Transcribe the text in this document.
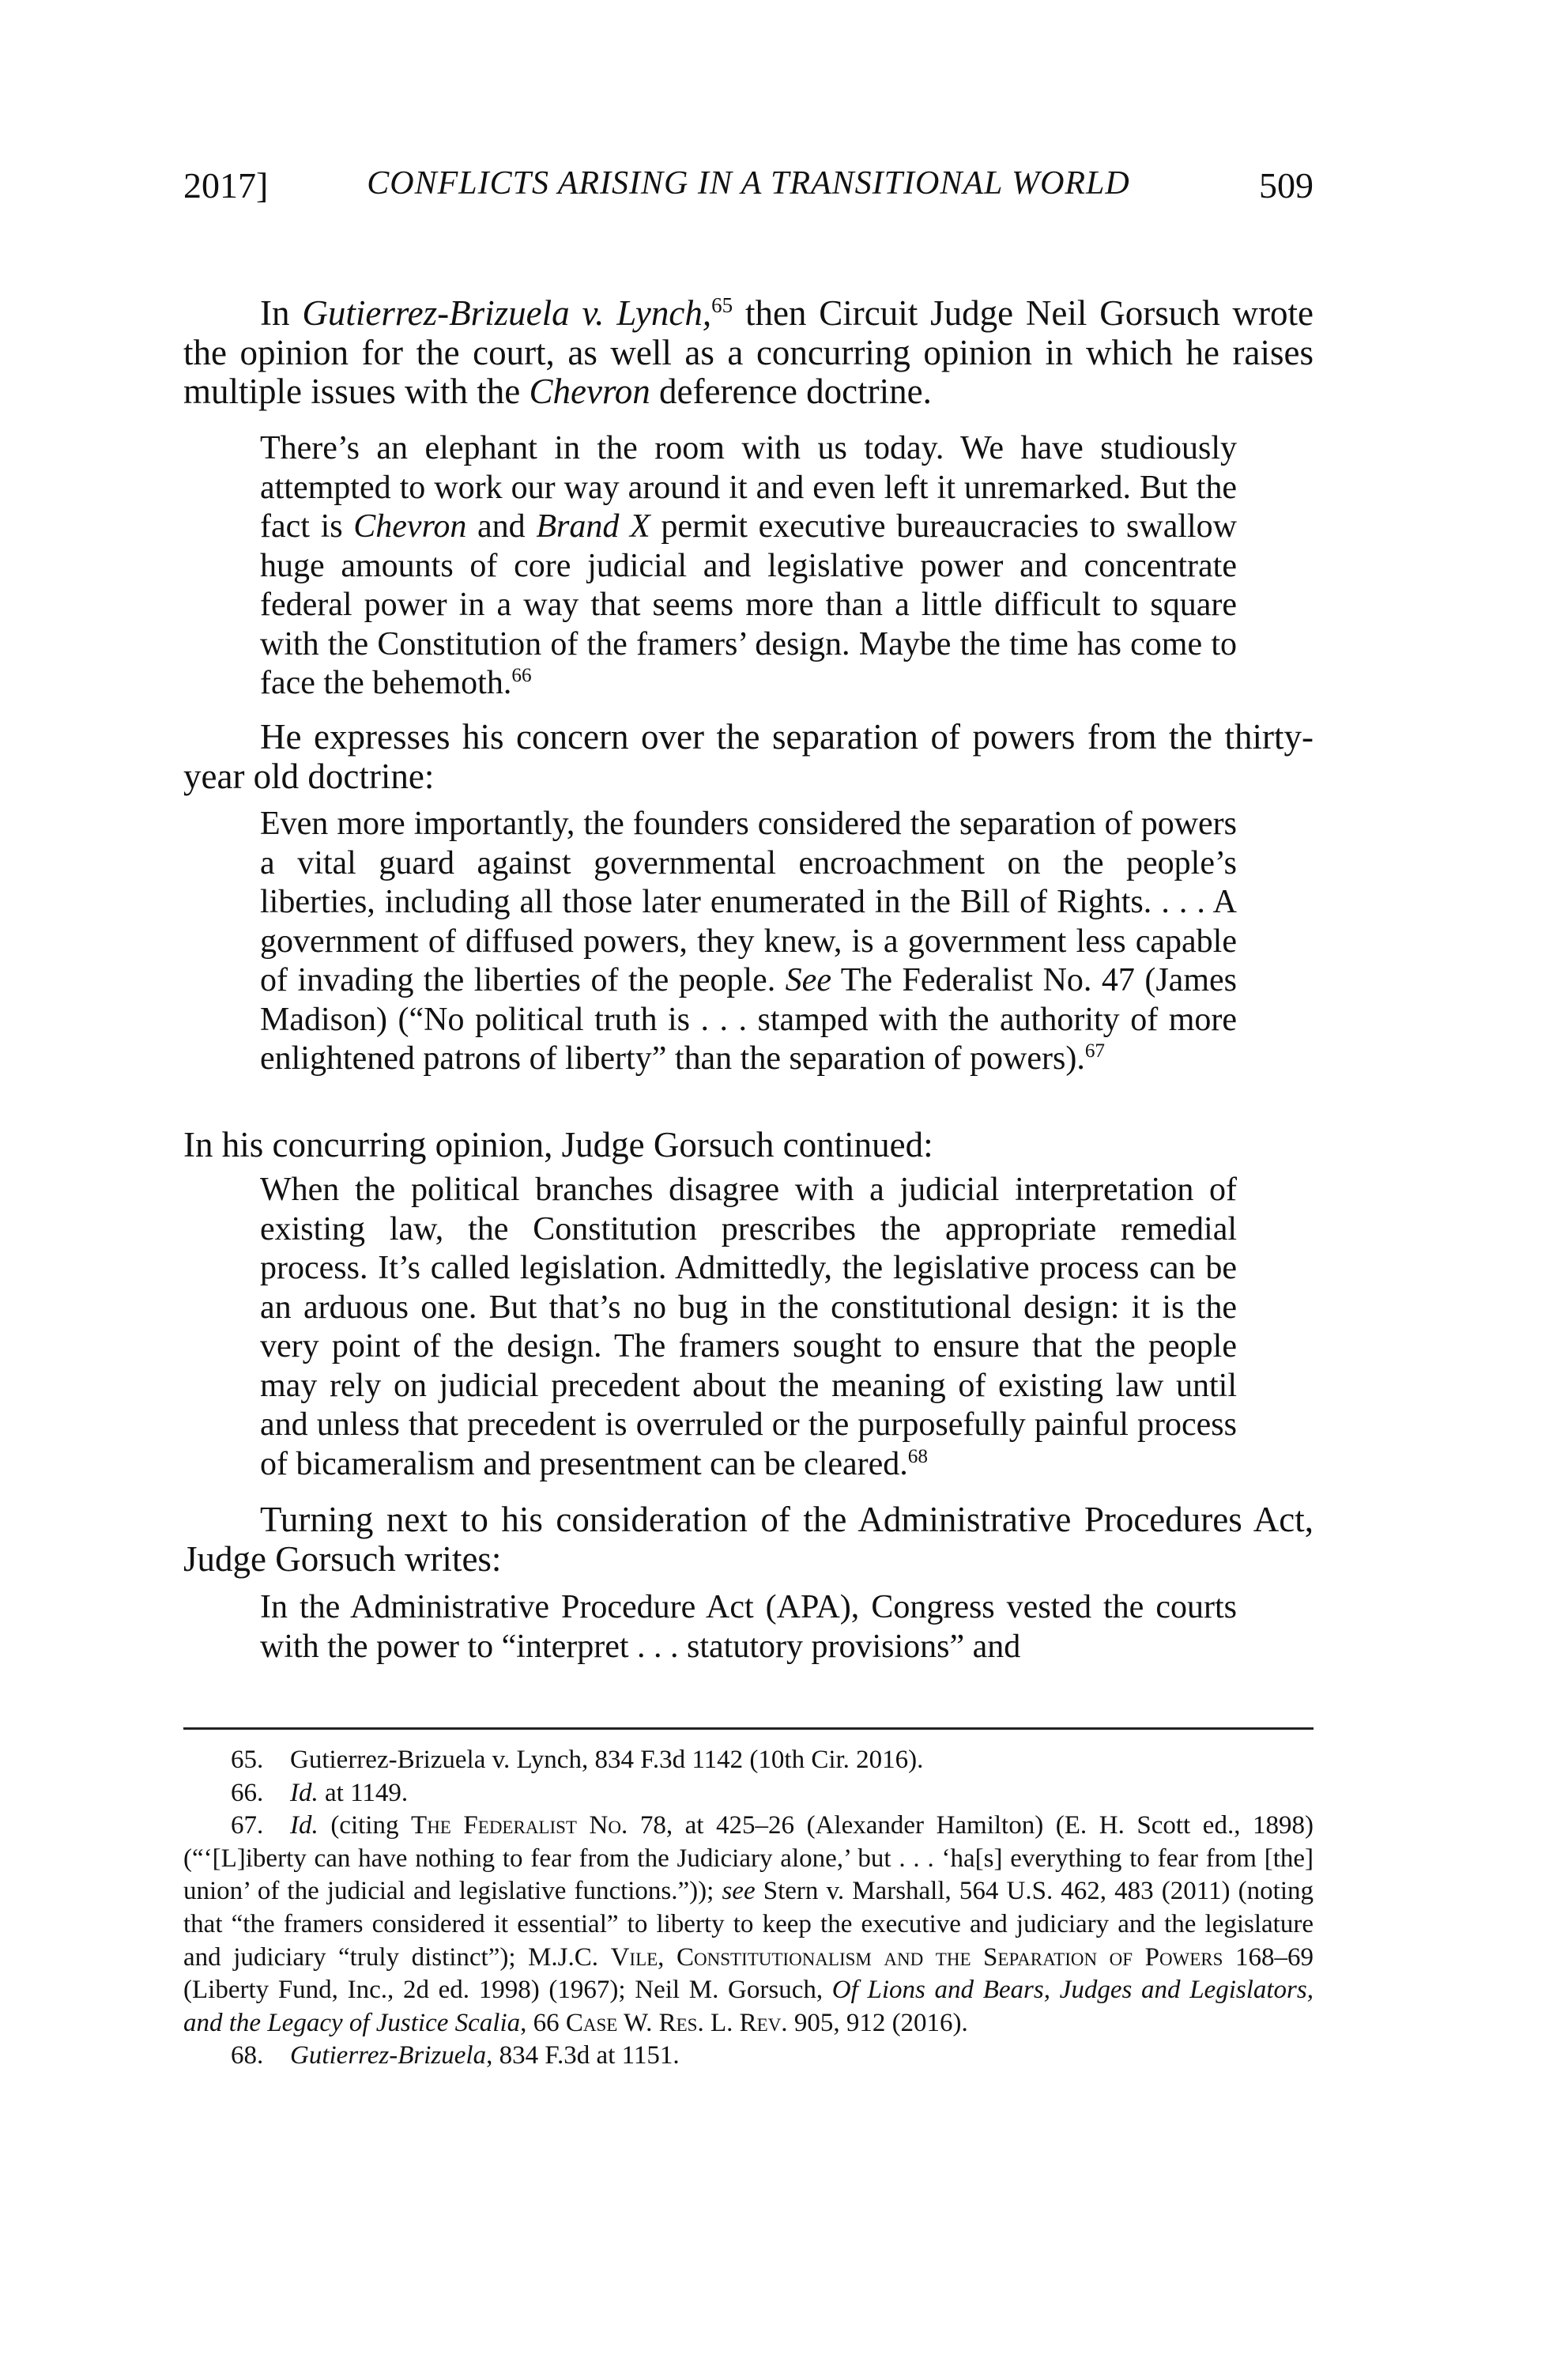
2017]	CONFLICTS ARISING IN A TRANSITIONAL WORLD	509

In Gutierrez-Brizuela v. Lynch,$^{65}$ then Circuit Judge Neil Gorsuch wrote the opinion for the court, as well as a concurring opinion in which he raises multiple issues with the Chevron deference doctrine.

There’s an elephant in the room with us today. We have studiously attempted to work our way around it and even left it unremarked. But the fact is Chevron and Brand X permit executive bureaucracies to swallow huge amounts of core judicial and legislative power and concentrate federal power in a way that seems more than a little difficult to square with the Constitution of the framers’ design. Maybe the time has come to face the behemoth.$^{66}$

He expresses his concern over the separation of powers from the thirty-year old doctrine:

Even more importantly, the founders considered the separation of powers a vital guard against governmental encroachment on the people’s liberties, including all those later enumerated in the Bill of Rights. . . . A government of diffused powers, they knew, is a government less capable of invading the liberties of the people. See The Federalist No. 47 (James Madison) (“No political truth is . . . stamped with the authority of more enlightened patrons of liberty” than the separation of powers).$^{67}$

In his concurring opinion, Judge Gorsuch continued:

When the political branches disagree with a judicial interpretation of existing law, the Constitution prescribes the appropriate remedial process. It’s called legislation. Admittedly, the legislative process can be an arduous one. But that’s no bug in the constitutional design: it is the very point of the design. The framers sought to ensure that the people may rely on judicial precedent about the meaning of existing law until and unless that precedent is overruled or the purposefully painful process of bicameralism and presentment can be cleared.$^{68}$

Turning next to his consideration of the Administrative Procedures Act, Judge Gorsuch writes:

In the Administrative Procedure Act (APA), Congress vested the courts with the power to “interpret . . . statutory provisions” and

65. Gutierrez-Brizuela v. Lynch, 834 F.3d 1142 (10th Cir. 2016).

66. Id. at 1149.

67. Id. (citing The Federalist No. 78, at 425–26 (Alexander Hamilton) (E. H. Scott ed., 1898) (“‘[L]iberty can have nothing to fear from the Judiciary alone,’ but . . . ‘ha[s] everything to fear from [the] union’ of the judicial and legislative functions.”)); see Stern v. Marshall, 564 U.S. 462, 483 (2011) (noting that “the framers considered it essential” to liberty to keep the executive and judiciary and the legislature and judiciary “truly distinct”); M.J.C. Vile, Constitutionalism and the Separation of Powers 168–69 (Liberty Fund, Inc., 2d ed. 1998) (1967); Neil M. Gorsuch, Of Lions and Bears, Judges and Legislators, and the Legacy of Justice Scalia, 66 Case W. Res. L. Rev. 905, 912 (2016).

68. Gutierrez-Brizuela, 834 F.3d at 1151.
